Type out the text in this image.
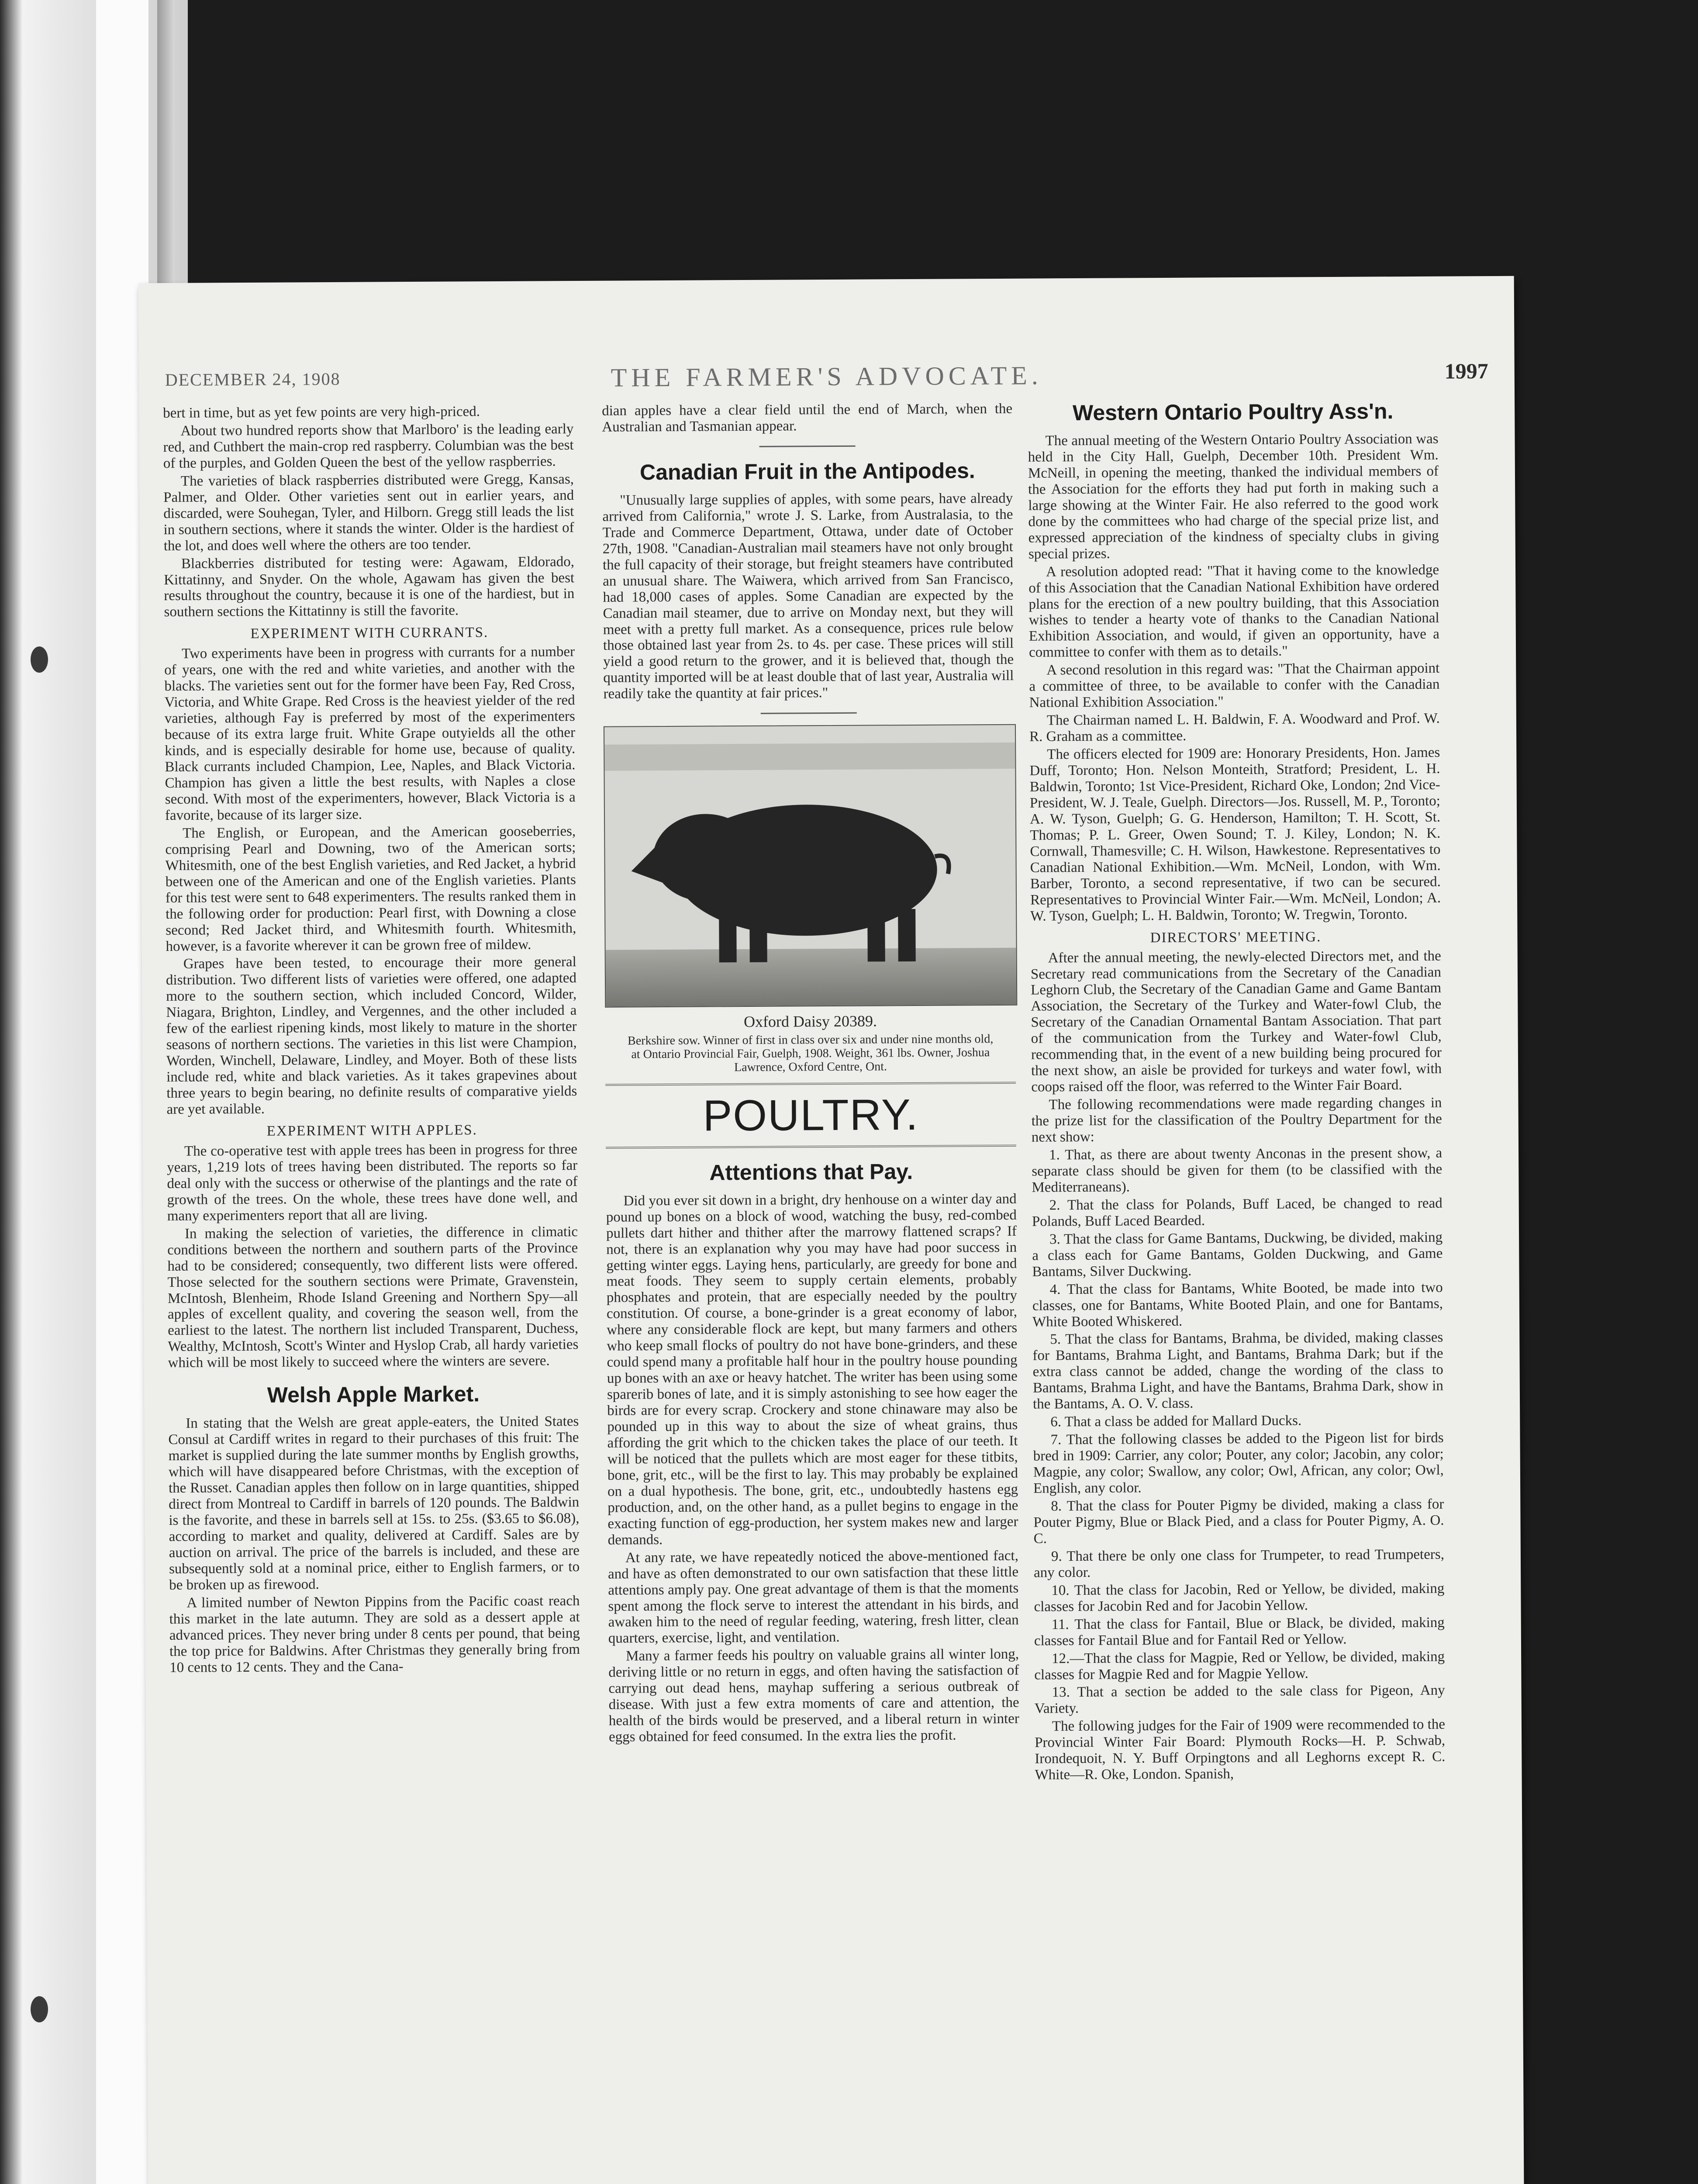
DECEMBER 24, 1908	THE FARMER'S ADVOCATE.	1997

bert in time, but as yet few points are very high-priced.

About two hundred reports show that Marlboro' is the leading early red, and Cuthbert the main-crop red raspberry. Columbian was the best of the purples, and Golden Queen the best of the yellow raspberries.

The varieties of black raspberries distributed were Gregg, Kansas, Palmer, and Older. Other varieties sent out in earlier years, and discarded, were Souhegan, Tyler, and Hilborn. Gregg still leads the list in southern sections, where it stands the winter. Older is the hardiest of the lot, and does well where the others are too tender.

Blackberries distributed for testing were: Agawam, Eldorado, Kittatinny, and Snyder. On the whole, Agawam has given the best results throughout the country, because it is one of the hardiest, but in southern sections the Kittatinny is still the favorite.

EXPERIMENT WITH CURRANTS.

Two experiments have been in progress with currants for a number of years, one with the red and white varieties, and another with the blacks. The varieties sent out for the former have been Fay, Red Cross, Victoria, and White Grape. Red Cross is the heaviest yielder of the red varieties, although Fay is preferred by most of the experimenters because of its extra large fruit. White Grape outyields all the other kinds, and is especially desirable for home use, because of quality. Black currants included Champion, Lee, Naples, and Black Victoria. Champion has given a little the best results, with Naples a close second. With most of the experimenters, however, Black Victoria is a favorite, because of its larger size.

The English, or European, and the American gooseberries, comprising Pearl and Downing, two of the American sorts; Whitesmith, one of the best English varieties, and Red Jacket, a hybrid between one of the American and one of the English varieties. Plants for this test were sent to 648 experimenters. The results ranked them in the following order for production: Pearl first, with Downing a close second; Red Jacket third, and Whitesmith fourth. Whitesmith, however, is a favorite wherever it can be grown free of mildew.

Grapes have been tested, to encourage their more general distribution. Two different lists of varieties were offered, one adapted more to the southern section, which included Concord, Wilder, Niagara, Brighton, Lindley, and Vergennes, and the other included a few of the earliest ripening kinds, most likely to mature in the shorter seasons of northern sections. The varieties in this list were Champion, Worden, Winchell, Delaware, Lindley, and Moyer. Both of these lists include red, white and black varieties. As it takes grapevines about three years to begin bearing, no definite results of comparative yields are yet available.

EXPERIMENT WITH APPLES.

The co-operative test with apple trees has been in progress for three years, 1,219 lots of trees having been distributed. The reports so far deal only with the success or otherwise of the plantings and the rate of growth of the trees. On the whole, these trees have done well, and many experimenters report that all are living.

In making the selection of varieties, the difference in climatic conditions between the northern and southern parts of the Province had to be considered; consequently, two different lists were offered. Those selected for the southern sections were Primate, Gravenstein, McIntosh, Blenheim, Rhode Island Greening and Northern Spy—all apples of excellent quality, and covering the season well, from the earliest to the latest. The northern list included Transparent, Duchess, Wealthy, McIntosh, Scott's Winter and Hyslop Crab, all hardy varieties which will be most likely to succeed where the winters are severe.

Welsh Apple Market.

In stating that the Welsh are great apple-eaters, the United States Consul at Cardiff writes in regard to their purchases of this fruit: The market is supplied during the late summer months by English growths, which will have disappeared before Christmas, with the exception of the Russet. Canadian apples then follow on in large quantities, shipped direct from Montreal to Cardiff in barrels of 120 pounds. The Baldwin is the favorite, and these in barrels sell at 15s. to 25s. ($3.65 to $6.08), according to market and quality, delivered at Cardiff. Sales are by auction on arrival. The price of the barrels is included, and these are subsequently sold at a nominal price, either to English farmers, or to be broken up as firewood.

A limited number of Newton Pippins from the Pacific coast reach this market in the late autumn. They are sold as a dessert apple at advanced prices. They never bring under 8 cents per pound, that being the top price for Baldwins. After Christmas they generally bring from 10 cents to 12 cents. They and the Cana-

dian apples have a clear field until the end of March, when the Australian and Tasmanian appear.

Canadian Fruit in the Antipodes.

"Unusually large supplies of apples, with some pears, have already arrived from California," wrote J. S. Larke, from Australasia, to the Trade and Commerce Department, Ottawa, under date of October 27th, 1908. "Canadian-Australian mail steamers have not only brought the full capacity of their storage, but freight steamers have contributed an unusual share. The Waiwera, which arrived from San Francisco, had 18,000 cases of apples. Some Canadian are expected by the Canadian mail steamer, due to arrive on Monday next, but they will meet with a pretty full market. As a consequence, prices rule below those obtained last year from 2s. to 4s. per case. These prices will still yield a good return to the grower, and it is believed that, though the quantity imported will be at least double that of last year, Australia will readily take the quantity at fair prices."

Oxford Daisy 20389.
Berkshire sow. Winner of first in class over six and under nine months old, at Ontario Provincial Fair, Guelph, 1908. Weight, 361 lbs. Owner, Joshua Lawrence, Oxford Centre, Ont.
POULTRY.
Attentions that Pay.

Did you ever sit down in a bright, dry henhouse on a winter day and pound up bones on a block of wood, watching the busy, red-combed pullets dart hither and thither after the marrowy flattened scraps? If not, there is an explanation why you may have had poor success in getting winter eggs. Laying hens, particularly, are greedy for bone and meat foods. They seem to supply certain elements, probably phosphates and protein, that are especially needed by the poultry constitution. Of course, a bone-grinder is a great economy of labor, where any considerable flock are kept, but many farmers and others who keep small flocks of poultry do not have bone-grinders, and these could spend many a profitable half hour in the poultry house pounding up bones with an axe or heavy hatchet. The writer has been using some sparerib bones of late, and it is simply astonishing to see how eager the birds are for every scrap. Crockery and stone chinaware may also be pounded up in this way to about the size of wheat grains, thus affording the grit which to the chicken takes the place of our teeth. It will be noticed that the pullets which are most eager for these titbits, bone, grit, etc., will be the first to lay. This may probably be explained on a dual hypothesis. The bone, grit, etc., undoubtedly hastens egg production, and, on the other hand, as a pullet begins to engage in the exacting function of egg-production, her system makes new and larger demands.

At any rate, we have repeatedly noticed the above-mentioned fact, and have as often demonstrated to our own satisfaction that these little attentions amply pay. One great advantage of them is that the moments spent among the flock serve to interest the attendant in his birds, and awaken him to the need of regular feeding, watering, fresh litter, clean quarters, exercise, light, and ventilation.

Many a farmer feeds his poultry on valuable grains all winter long, deriving little or no return in eggs, and often having the satisfaction of carrying out dead hens, mayhap suffering a serious outbreak of disease. With just a few extra moments of care and attention, the health of the birds would be preserved, and a liberal return in winter eggs obtained for feed consumed. In the extra lies the profit.

Western Ontario Poultry Ass'n.

The annual meeting of the Western Ontario Poultry Association was held in the City Hall, Guelph, December 10th. President Wm. McNeill, in opening the meeting, thanked the individual members of the Association for the efforts they had put forth in making such a large showing at the Winter Fair. He also referred to the good work done by the committees who had charge of the special prize list, and expressed appreciation of the kindness of specialty clubs in giving special prizes.

A resolution adopted read: "That it having come to the knowledge of this Association that the Canadian National Exhibition have ordered plans for the erection of a new poultry building, that this Association wishes to tender a hearty vote of thanks to the Canadian National Exhibition Association, and would, if given an opportunity, have a committee to confer with them as to details."

A second resolution in this regard was: "That the Chairman appoint a committee of three, to be available to confer with the Canadian National Exhibition Association."

The Chairman named L. H. Baldwin, F. A. Woodward and Prof. W. R. Graham as a committee.

The officers elected for 1909 are: Honorary Presidents, Hon. James Duff, Toronto; Hon. Nelson Monteith, Stratford; President, L. H. Baldwin, Toronto; 1st Vice-President, Richard Oke, London; 2nd Vice-President, W. J. Teale, Guelph. Directors—Jos. Russell, M. P., Toronto; A. W. Tyson, Guelph; G. G. Henderson, Hamilton; T. H. Scott, St. Thomas; P. L. Greer, Owen Sound; T. J. Kiley, London; N. K. Cornwall, Thamesville; C. H. Wilson, Hawkestone. Representatives to Canadian National Exhibition.—Wm. McNeil, London, with Wm. Barber, Toronto, a second representative, if two can be secured. Representatives to Provincial Winter Fair.—Wm. McNeil, London; A. W. Tyson, Guelph; L. H. Baldwin, Toronto; W. Tregwin, Toronto.

DIRECTORS' MEETING.

After the annual meeting, the newly-elected Directors met, and the Secretary read communications from the Secretary of the Canadian Leghorn Club, the Secretary of the Canadian Game and Game Bantam Association, the Secretary of the Turkey and Water-fowl Club, the Secretary of the Canadian Ornamental Bantam Association. That part of the communication from the Turkey and Water-fowl Club, recommending that, in the event of a new building being procured for the next show, an aisle be provided for turkeys and water fowl, with coops raised off the floor, was referred to the Winter Fair Board.

The following recommendations were made regarding changes in the prize list for the classification of the Poultry Department for the next show:

1. That, as there are about twenty Anconas in the present show, a separate class should be given for them (to be classified with the Mediterraneans).

2. That the class for Polands, Buff Laced, be changed to read Polands, Buff Laced Bearded.

3. That the class for Game Bantams, Duckwing, be divided, making a class each for Game Bantams, Golden Duckwing, and Game Bantams, Silver Duckwing.

4. That the class for Bantams, White Booted, be made into two classes, one for Bantams, White Booted Plain, and one for Bantams, White Booted Whiskered.

5. That the class for Bantams, Brahma, be divided, making classes for Bantams, Brahma Light, and Bantams, Brahma Dark; but if the extra class cannot be added, change the wording of the class to Bantams, Brahma Light, and have the Bantams, Brahma Dark, show in the Bantams, A. O. V. class.

6. That a class be added for Mallard Ducks.

7. That the following classes be added to the Pigeon list for birds bred in 1909: Carrier, any color; Pouter, any color; Jacobin, any color; Magpie, any color; Swallow, any color; Owl, African, any color; Owl, English, any color.

8. That the class for Pouter Pigmy be divided, making a class for Pouter Pigmy, Blue or Black Pied, and a class for Pouter Pigmy, A. O. C.

9. That there be only one class for Trumpeter, to read Trumpeters, any color.

10. That the class for Jacobin, Red or Yellow, be divided, making classes for Jacobin Red and for Jacobin Yellow.

11. That the class for Fantail, Blue or Black, be divided, making classes for Fantail Blue and for Fantail Red or Yellow.

12.—That the class for Magpie, Red or Yellow, be divided, making classes for Magpie Red and for Magpie Yellow.

13. That a section be added to the sale class for Pigeon, Any Variety.

The following judges for the Fair of 1909 were recommended to the Provincial Winter Fair Board: Plymouth Rocks—H. P. Schwab, Irondequoit, N. Y. Buff Orpingtons and all Leghorns except R. C. White—R. Oke, London. Spanish,
